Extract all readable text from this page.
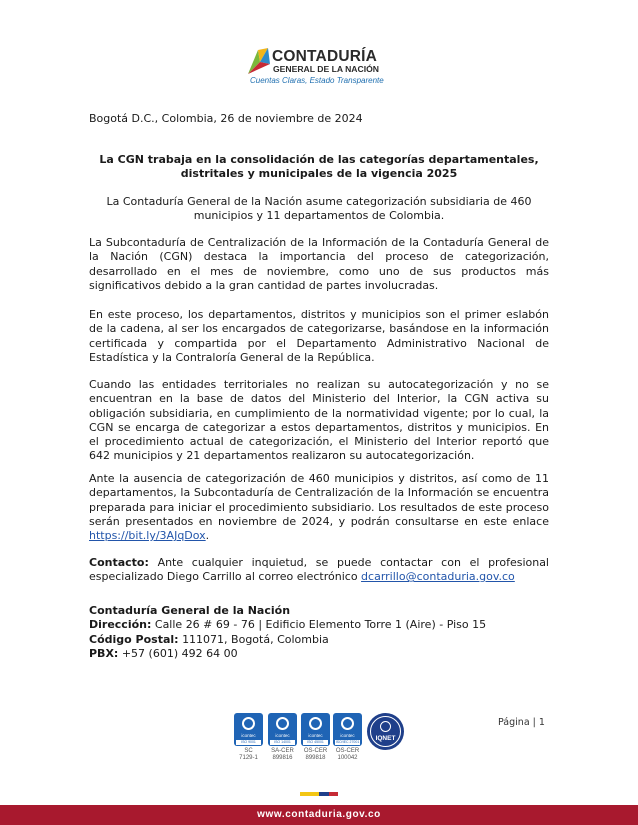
CONTADURÍA
GENERAL DE LA NACIÓN
Cuentas Claras, Estado Transparente
Bogotá D.C., Colombia, 26 de noviembre de 2024
La CGN trabaja en la consolidación de las categorías departamentales, distritales y municipales de la vigencia 2025
La Contaduría General de la Nación asume categorización subsidiaria de 460 municipios y 11 departamentos de Colombia.
La Subcontaduría de Centralización de la Información de la Contaduría General de la Nación (CGN) destaca la importancia del proceso de categorización, desarrollado en el mes de noviembre, como uno de sus productos más significativos debido a la gran cantidad de partes involucradas.
En este proceso, los departamentos, distritos y municipios son el primer eslabón de la cadena, al ser los encargados de categorizarse, basándose en la información certificada y compartida por el Departamento Administrativo Nacional de Estadística y la Contraloría General de la República.
Cuando las entidades territoriales no realizan su autocategorización y no se encuentran en la base de datos del Ministerio del Interior, la CGN activa su obligación subsidiaria, en cumplimiento de la normatividad vigente; por lo cual, la CGN se encarga de categorizar a estos departamentos, distritos y municipios. En el procedimiento actual de categorización, el Ministerio del Interior reportó que 642 municipios y 21 departamentos realizaron su autocategorización.
Ante la ausencia de categorización de 460 municipios y distritos, así como de 11 departamentos, la Subcontaduría de Centralización de la Información se encuentra preparada para iniciar el procedimiento subsidiario. Los resultados de este proceso serán presentados en noviembre de 2024, y podrán consultarse en este enlace https://bit.ly/3AJqDox.
Contacto: Ante cualquier inquietud, se puede contactar con el profesional especializado Diego Carrillo al correo electrónico dcarrillo@contaduria.gov.co
Contaduría General de la Nación
Dirección: Calle 26 # 69 - 76 | Edificio Elemento Torre 1 (Aire) - Piso 15
Código Postal: 111071, Bogotá, Colombia
PBX: +57 (601) 492 64 00
icontec
ISO 9001
SC
7129-1
icontec
ISO 14001
SA-CER
899816
icontec
ISO 45001
OS-CER
899818
icontec
ISO/IEC 27001
OS-CER
100042
IQNET
Página | 1
www.contaduria.gov.co
